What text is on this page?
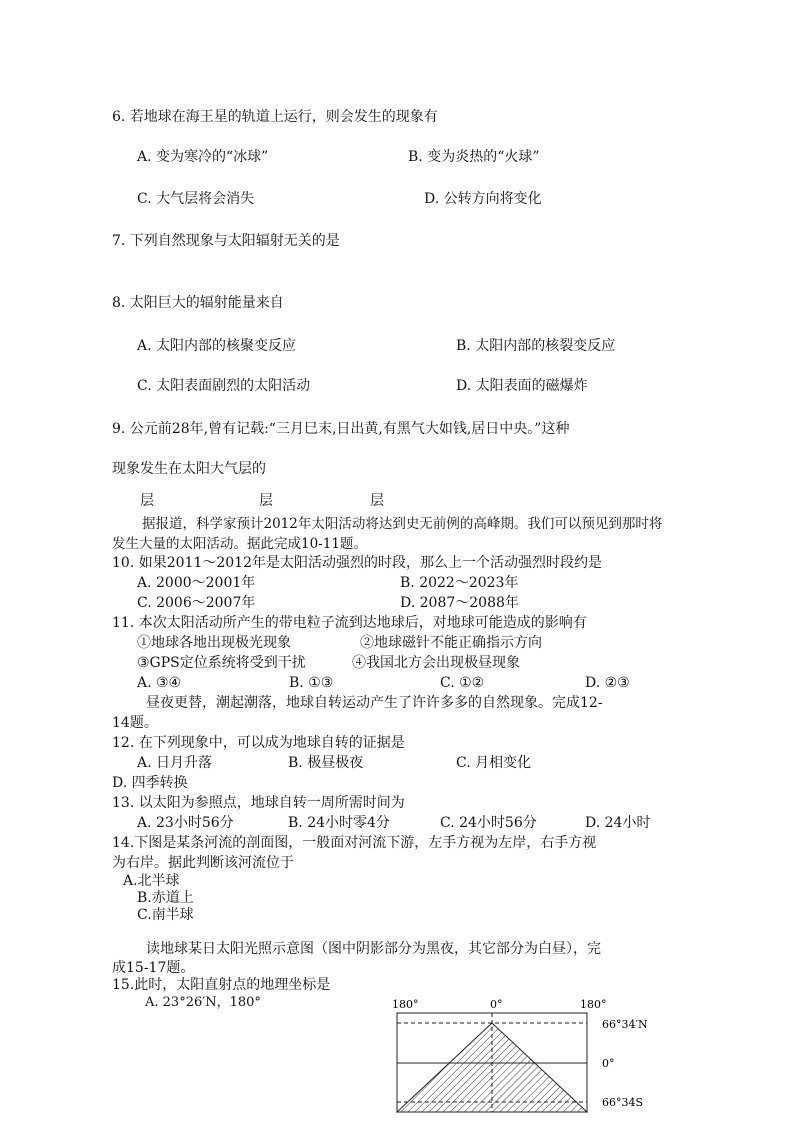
6. 若地球在海王星的轨道上运行，则会发生的现象有
A. 变为寒冷的“冰球”	B. 变为炎热的“火球”
C. 大气层将会消失	D. 公转方向将变化
7. 下列自然现象与太阳辐射无关的是
8. 太阳巨大的辐射能量来自
A. 太阳内部的核聚变反应	B. 太阳内部的核裂变反应
C. 太阳表面剧烈的太阳活动	D. 太阳表面的磁爆炸
9. 公元前28年,曾有记载:“三月巳末,日出黄,有黑气大如钱,居日中央。”这种
现象发生在太阳大气层的
层	层	层
据报道，科学家预计2012年太阳活动将达到史无前例的高峰期。我们可以预见到那时将
发生大量的太阳活动。据此完成10-11题。
10. 如果2011～2012年是太阳活动强烈的时段，那么上一个活动强烈时段约是
A. 2000～2001年	B. 2022～2023年
C. 2006～2007年	D. 2087～2088年
11. 本次太阳活动所产生的带电粒子流到达地球后，对地球可能造成的影响有
①地球各地出现极光现象	②地球磁针不能正确指示方向
③GPS定位系统将受到干扰	④我国北方会出现极昼现象
A. ③④	B. ①③	C. ①②	D. ②③
昼夜更替，潮起潮落，地球自转运动产生了许许多多的自然现象。完成12-
14题。
12. 在下列现象中，可以成为地球自转的证据是
A. 日月升落	B. 极昼极夜	C. 月相变化
D. 四季转换
13. 以太阳为参照点，地球自转一周所需时间为
A. 23小时56分	B. 24小时零4分	C. 24小时56分	D. 24小时
14.下图是某条河流的剖面图，一般面对河流下游，左手方视为左岸，右手方视
为右岸。据此判断该河流位于
A.北半球
B.赤道上
C.南半球
读地球某日太阳光照示意图（图中阴影部分为黑夜，其它部分为白昼），完
成15-17题。
15.此时，太阳直射点的地理坐标是
A. 23°26′N，180°	180°	0°	180°
66°34′N
0°
66°34S
